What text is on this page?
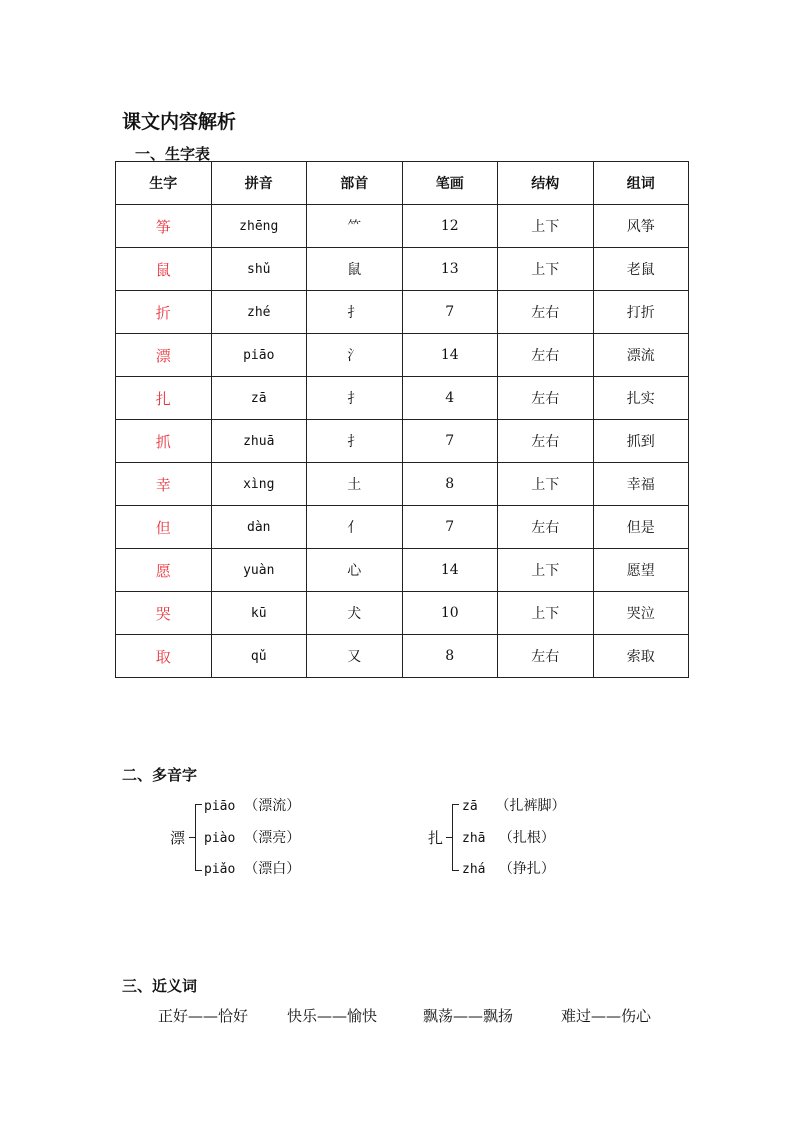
课文内容解析
一、生字表
生字	拼音	部首	笔画	结构	组词
筝	zhēng	⺮	12	上下	风筝
鼠	shǔ	鼠	13	上下	老鼠
折	zhé	扌	7	左右	打折
漂	piāo	氵	14	左右	漂流
扎	zā	扌	4	左右	扎实
抓	zhuā	扌	7	左右	抓到
幸	xìng	土	8	上下	幸福
但	dàn	亻	7	左右	但是
愿	yuàn	心	14	上下	愿望
哭	kū	犬	10	上下	哭泣
取	qǔ	又	8	左右	索取
二、多音字
漂
piāo （漂流）
piào （漂亮）
piǎo （漂白）
扎
zā （扎裤脚）
zhā （扎根）
zhá （挣扎）
三、近义词
正好——恰好	快乐——愉快	飘荡——飘扬	难过——伤心
